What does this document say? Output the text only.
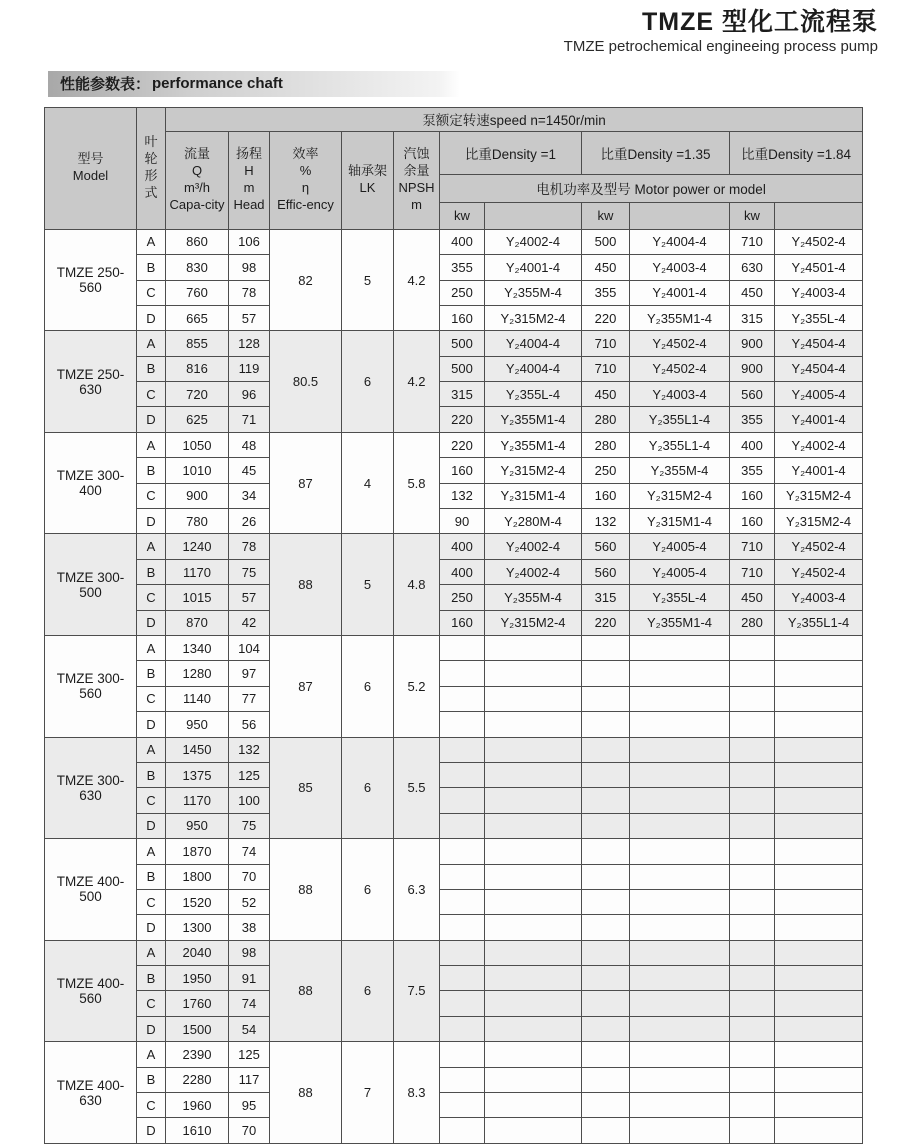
TMZE 型化工流程泵
TMZE petrochemical engineeing process pump
性能参数表： performance chaft
型号
Model	叶轮形式	泵额定转速speed n=1450r/min										

		流量
Q
m³/h
Capa-city	扬程
H
m
Head	效率
%
η
Effic-ency	轴承架
LK	汽蚀
余量
NPSH
m	比重Density =1		比重Density =1.35		比重Density =1.84	
							电机功率及型号 Motor power or model					
							kw		kw		kw	
TMZE 250-560	A	860	106	82	5	4.2	400	Y₂4002-4	500	Y₂4004-4	710	Y₂4502-4
	B	830	98				355	Y₂4001-4	450	Y₂4003-4	630	Y₂4501-4
	C	760	78				250	Y₂355M-4	355	Y₂4001-4	450	Y₂4003-4
	D	665	57				160	Y₂315M2-4	220	Y₂355M1-4	315	Y₂355L-4
TMZE 250-630	A	855	128	80.5	6	4.2	500	Y₂4004-4	710	Y₂4502-4	900	Y₂4504-4
	B	816	119				500	Y₂4004-4	710	Y₂4502-4	900	Y₂4504-4
	C	720	96				315	Y₂355L-4	450	Y₂4003-4	560	Y₂4005-4
	D	625	71				220	Y₂355M1-4	280	Y₂355L1-4	355	Y₂4001-4
TMZE 300-400	A	1050	48	87	4	5.8	220	Y₂355M1-4	280	Y₂355L1-4	400	Y₂4002-4
	B	1010	45				160	Y₂315M2-4	250	Y₂355M-4	355	Y₂4001-4
	C	900	34				132	Y₂315M1-4	160	Y₂315M2-4	160	Y₂315M2-4
	D	780	26				90	Y₂280M-4	132	Y₂315M1-4	160	Y₂315M2-4
TMZE 300-500	A	1240	78	88	5	4.8	400	Y₂4002-4	560	Y₂4005-4	710	Y₂4502-4
	B	1170	75				400	Y₂4002-4	560	Y₂4005-4	710	Y₂4502-4
	C	1015	57				250	Y₂355M-4	315	Y₂355L-4	450	Y₂4003-4
	D	870	42				160	Y₂315M2-4	220	Y₂355M1-4	280	Y₂355L1-4
TMZE 300-560	A	1340	104	87	6	5.2						
	B	1280	97									
	C	1140	77									
	D	950	56									
TMZE 300-630	A	1450	132	85	6	5.5						
	B	1375	125									
	C	1170	100									
	D	950	75									
TMZE 400-500	A	1870	74	88	6	6.3						
	B	1800	70									
	C	1520	52									
	D	1300	38									
TMZE 400-560	A	2040	98	88	6	7.5						
	B	1950	91									
	C	1760	74									
	D	1500	54									
TMZE 400-630	A	2390	125	88	7	8.3						
	B	2280	117									
	C	1960	95									
	D	1610	70									
